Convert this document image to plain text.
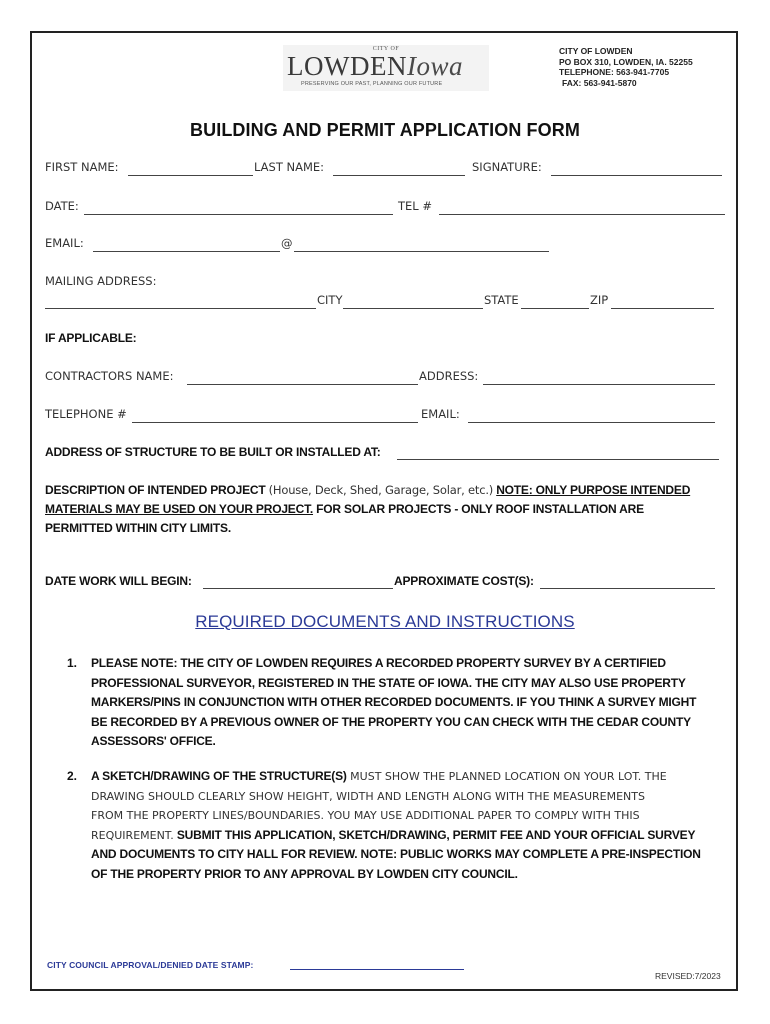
CITY OF
LOWDENIowa
PRESERVING OUR PAST, PLANNING OUR FUTURE
CITY OF LOWDEN
PO BOX 310, LOWDEN, IA. 52255
TELEPHONE: 563-941-7705
FAX: 563-941-5870
BUILDING AND PERMIT APPLICATION FORM
FIRST NAME:	LAST NAME:	SIGNATURE:
DATE:	TEL #
EMAIL:	@
MAILING ADDRESS:
CITY	STATE	ZIP
IF APPLICABLE:
CONTRACTORS NAME:	ADDRESS:
TELEPHONE #	EMAIL:
ADDRESS OF STRUCTURE TO BE BUILT OR INSTALLED AT:
DESCRIPTION OF INTENDED PROJECT (House, Deck, Shed, Garage, Solar, etc.) NOTE: ONLY PURPOSE INTENDED
MATERIALS MAY BE USED ON YOUR PROJECT. FOR SOLAR PROJECTS - ONLY ROOF INSTALLATION ARE
PERMITTED WITHIN CITY LIMITS.
DATE WORK WILL BEGIN:	APPROXIMATE COST(S):
REQUIRED DOCUMENTS AND INSTRUCTIONS
1. PLEASE NOTE: THE CITY OF LOWDEN REQUIRES A RECORDED PROPERTY SURVEY BY A CERTIFIED
PROFESSIONAL SURVEYOR, REGISTERED IN THE STATE OF IOWA. THE CITY MAY ALSO USE PROPERTY
MARKERS/PINS IN CONJUNCTION WITH OTHER RECORDED DOCUMENTS. IF YOU THINK A SURVEY MIGHT
BE RECORDED BY A PREVIOUS OWNER OF THE PROPERTY YOU CAN CHECK WITH THE CEDAR COUNTY
ASSESSORS' OFFICE.
2. A SKETCH/DRAWING OF THE STRUCTURE(S) MUST SHOW THE PLANNED LOCATION ON YOUR LOT. THE
DRAWING SHOULD CLEARLY SHOW HEIGHT, WIDTH AND LENGTH ALONG WITH THE MEASUREMENTS
FROM THE PROPERTY LINES/BOUNDARIES. YOU MAY USE ADDITIONAL PAPER TO COMPLY WITH THIS
REQUIREMENT. SUBMIT THIS APPLICATION, SKETCH/DRAWING, PERMIT FEE AND YOUR OFFICIAL SURVEY
AND DOCUMENTS TO CITY HALL FOR REVIEW. NOTE: PUBLIC WORKS MAY COMPLETE A PRE-INSPECTION
OF THE PROPERTY PRIOR TO ANY APPROVAL BY LOWDEN CITY COUNCIL.
CITY COUNCIL APPROVAL/DENIED DATE STAMP:
REVISED:7/2023
